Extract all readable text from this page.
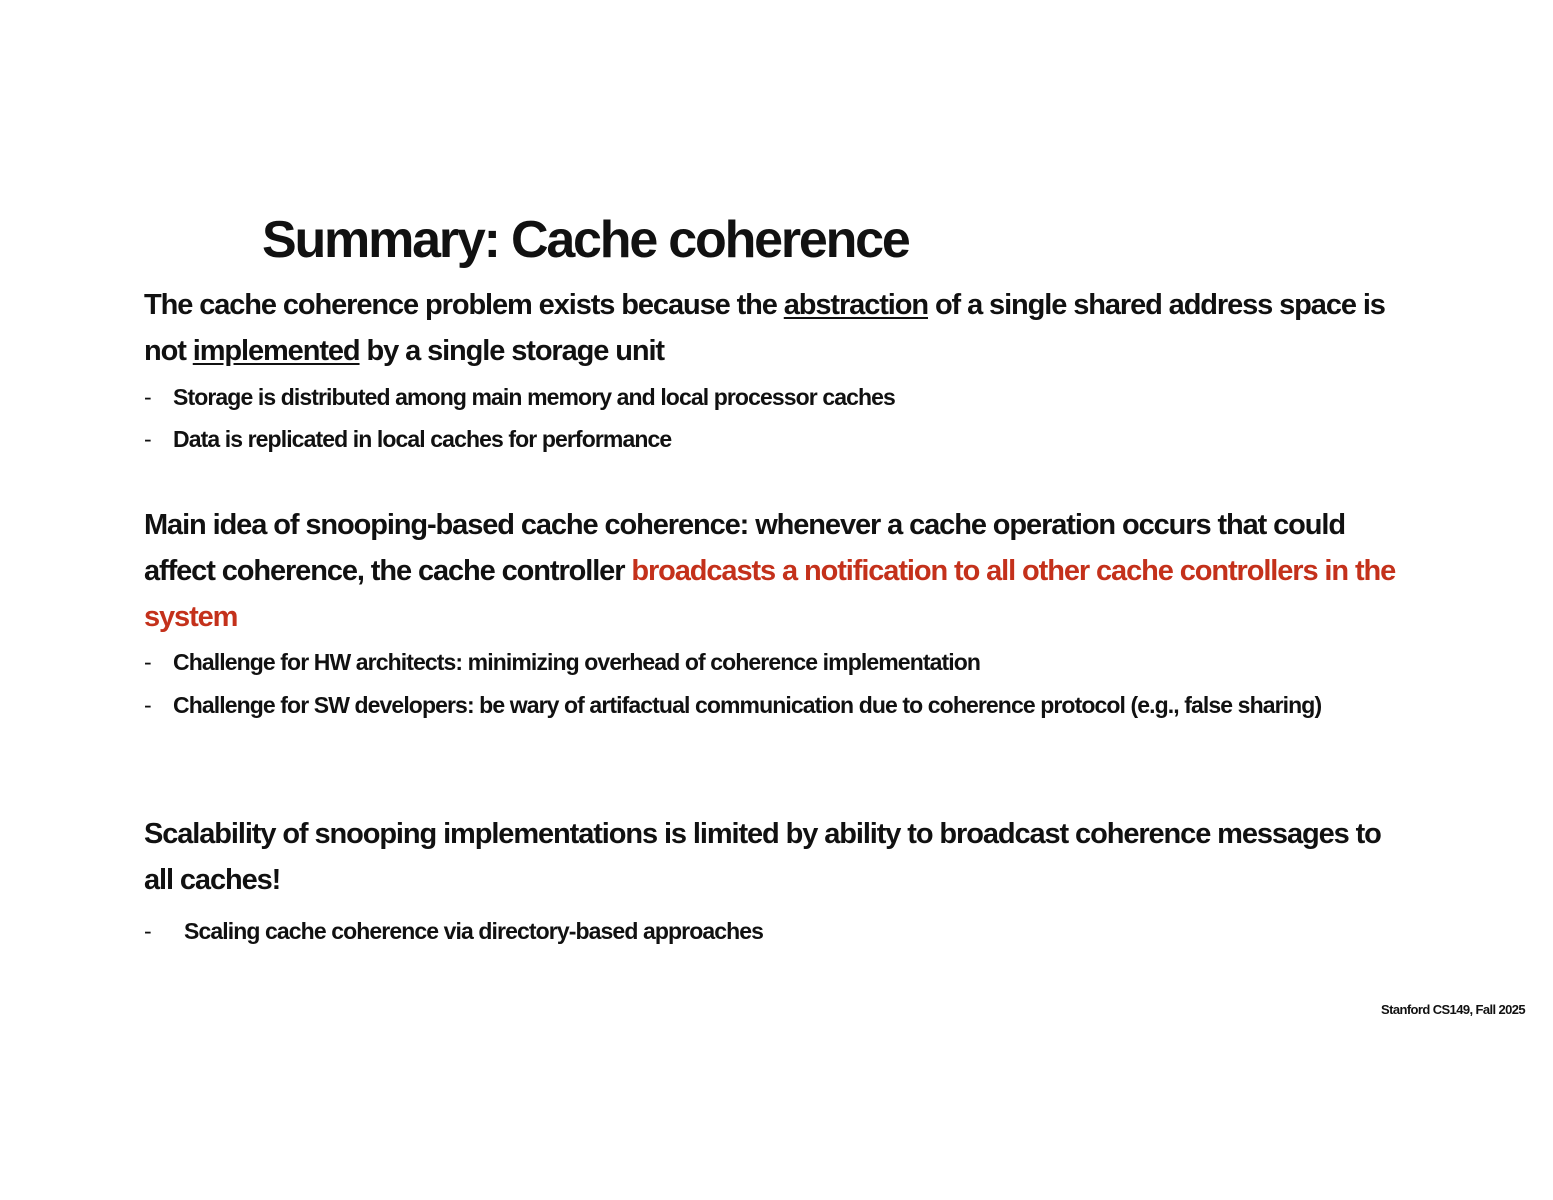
Summary: Cache coherence

The cache coherence problem exists because the abstraction of a single shared address space is not implemented by a single storage unit

- Storage is distributed among main memory and local processor caches
- Data is replicated in local caches for performance

Main idea of snooping-based cache coherence: whenever a cache operation occurs that could affect coherence, the cache controller broadcasts a notification to all other cache controllers in the system

- Challenge for HW architects: minimizing overhead of coherence implementation
- Challenge for SW developers: be wary of artifactual communication due to coherence protocol (e.g., false sharing)

Scalability of snooping implementations is limited by ability to broadcast coherence messages to all caches!

- Scaling cache coherence via directory-based approaches
Stanford CS149, Fall 2025
